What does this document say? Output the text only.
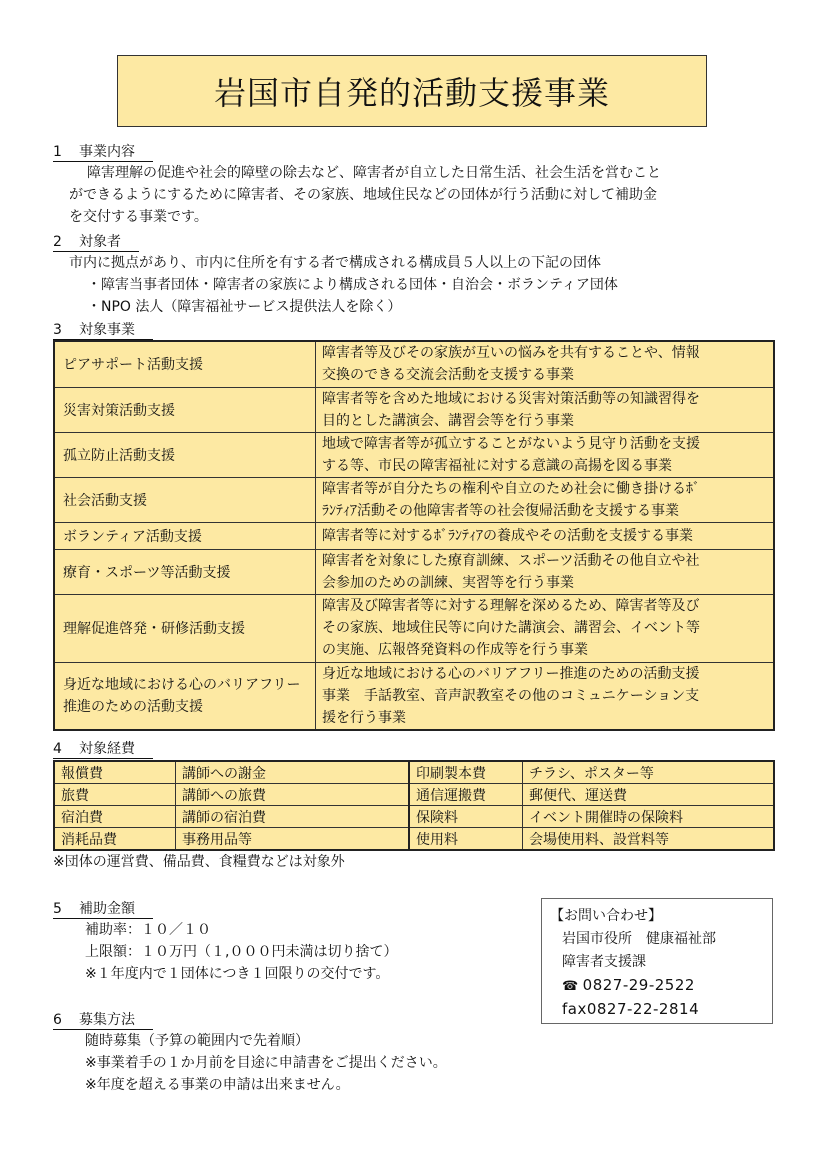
岩国市自発的活動支援事業
1 事業内容
障害理解の促進や社会的障壁の除去など、障害者が自立した日常生活、社会生活を営むこと
ができるようにするために障害者、その家族、地域住民などの団体が行う活動に対して補助金
を交付する事業です。
2 対象者
市内に拠点があり、市内に住所を有する者で構成される構成員５人以上の下記の団体
・障害当事者団体・障害者の家族により構成される団体・自治会・ボランティア団体
・NPO 法人（障害福祉サービス提供法人を除く）
3 対象事業
ピアサポート活動支援	障害者等及びその家族が互いの悩みを共有することや、情報
交換のできる交流会活動を支援する事業

災害対策活動支援	障害者等を含めた地域における災害対策活動等の知識習得を
目的とした講演会、講習会等を行う事業

孤立防止活動支援	地域で障害者等が孤立することがないよう見守り活動を支援
する等、市民の障害福祉に対する意識の高揚を図る事業

社会活動支援	障害者等が自分たちの権利や自立のため社会に働き掛けるﾎﾞ
ﾗﾝﾃｨｱ活動その他障害者等の社会復帰活動を支援する事業

ボランティア活動支援	障害者等に対するﾎﾞﾗﾝﾃｨｱの養成やその活動を支援する事業

療育・スポーツ等活動支援	障害者を対象にした療育訓練、スポーツ活動その他自立や社
会参加のための訓練、実習等を行う事業

理解促進啓発・研修活動支援	障害及び障害者等に対する理解を深めるため、障害者等及び
その家族、地域住民等に向けた講演会、講習会、イベント等
の実施、広報啓発資料の作成等を行う事業

身近な地域における心のバリアフリー推進のための活動支援	身近な地域における心のバリアフリー推進のための活動支援
事業　手話教室、音声訳教室その他のコミュニケーション支
援を行う事業
4 対象経費
報償費	講師への謝金	印刷製本費	チラシ、ポスター等
旅費	講師への旅費	通信運搬費	郵便代、運送費
宿泊費	講師の宿泊費	保険料	イベント開催時の保険料
消耗品費	事務用品等	使用料	会場使用料、設営料等
※団体の運営費、備品費、食糧費などは対象外
5 補助金額
補助率：１０／１０
上限額：１０万円（１,０００円未満は切り捨て）
※１年度内で１団体につき１回限りの交付です。
6 募集方法
随時募集（予算の範囲内で先着順）
※事業着手の１か月前を目途に申請書をご提出ください。
※年度を超える事業の申請は出来ません。
【お問い合わせ】
岩国市役所　健康福祉部
障害者支援課
☎ 0827-29-2522
fax0827-22-2814
